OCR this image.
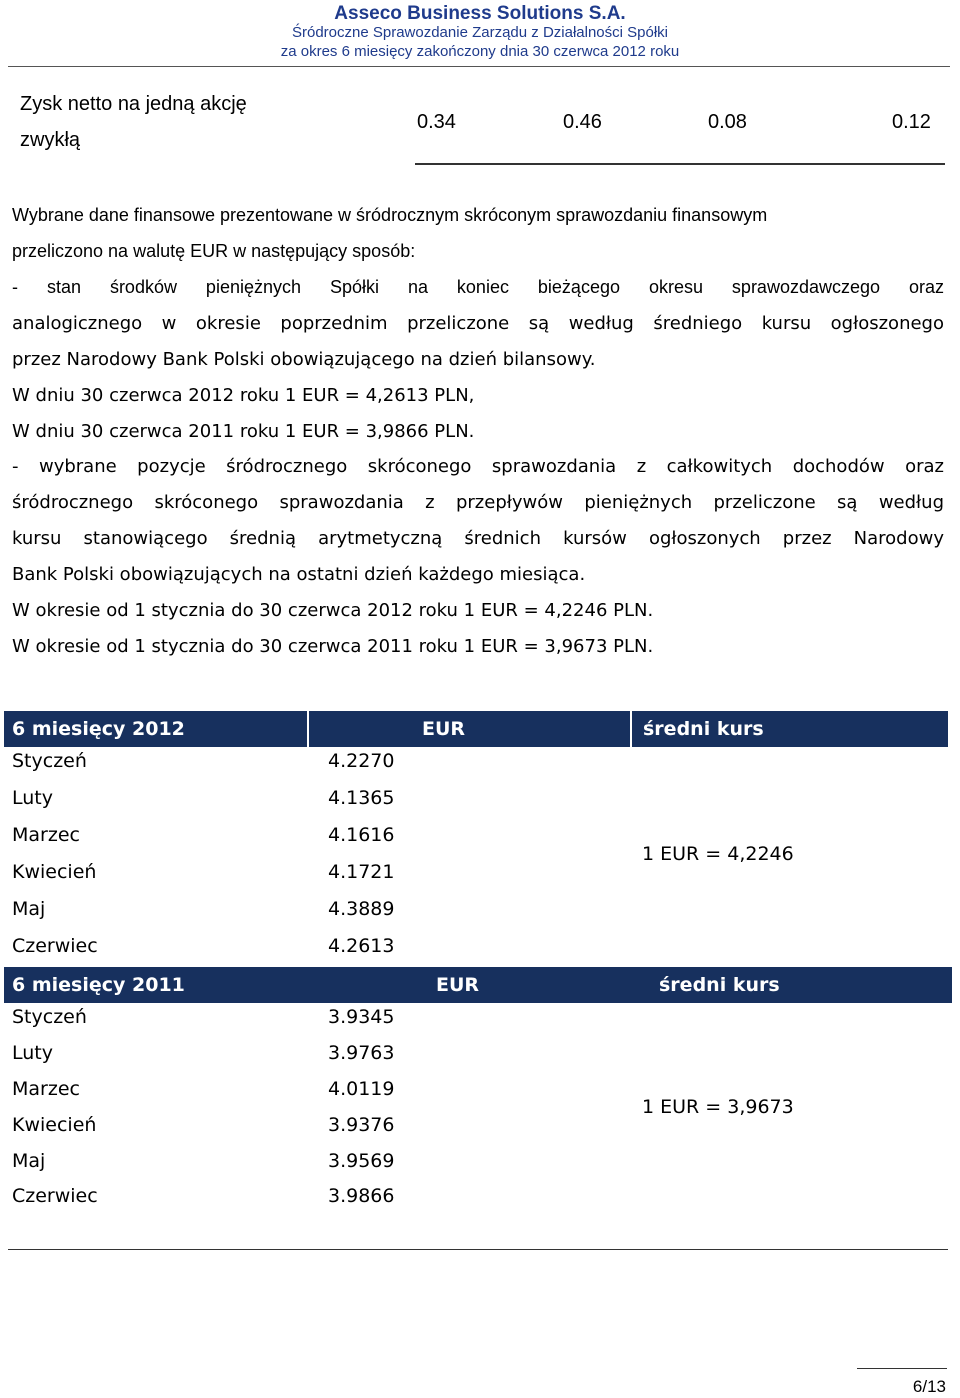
Asseco Business Solutions S.A.
Śródroczne Sprawozdanie Zarządu z Działalności Spółki
za okres 6 miesięcy zakończony dnia 30 czerwca 2012 roku
Zysk netto na jedną akcję
zwykłą
0.34	0.46	0.08	0.12
Wybrane dane finansowe prezentowane w śródrocznym skróconym sprawozdaniu finansowym
przeliczono na walutę EUR w następujący sposób:
- stan środków pieniężnych Spółki na koniec bieżącego okresu sprawozdawczego oraz
analogicznego w okresie poprzednim przeliczone są według średniego kursu ogłoszonego
przez Narodowy Bank Polski obowiązującego na dzień bilansowy.
W dniu 30 czerwca 2012 roku 1 EUR = 4,2613 PLN,
W dniu 30 czerwca 2011 roku 1 EUR = 3,9866 PLN.
- wybrane pozycje śródrocznego skróconego sprawozdania z całkowitych dochodów oraz
śródrocznego skróconego sprawozdania z przepływów pieniężnych przeliczone są według
kursu stanowiącego średnią arytmetyczną średnich kursów ogłoszonych przez Narodowy
Bank Polski obowiązujących na ostatni dzień każdego miesiąca.
W okresie od 1 stycznia do 30 czerwca 2012 roku 1 EUR = 4,2246 PLN.
W okresie od 1 stycznia do 30 czerwca 2011 roku 1 EUR = 3,9673 PLN.
6 miesięcy 2012	EUR	średni kurs
Styczeń	4.2270
Luty	4.1365
Marzec	4.1616
Kwiecień	4.1721
Maj	4.3889
Czerwiec	4.2613
1 EUR = 4,2246
6 miesięcy 2011	EUR	średni kurs
Styczeń	3.9345
Luty	3.9763
Marzec	4.0119
Kwiecień	3.9376
Maj	3.9569
Czerwiec	3.9866
1 EUR = 3,9673
6/13
